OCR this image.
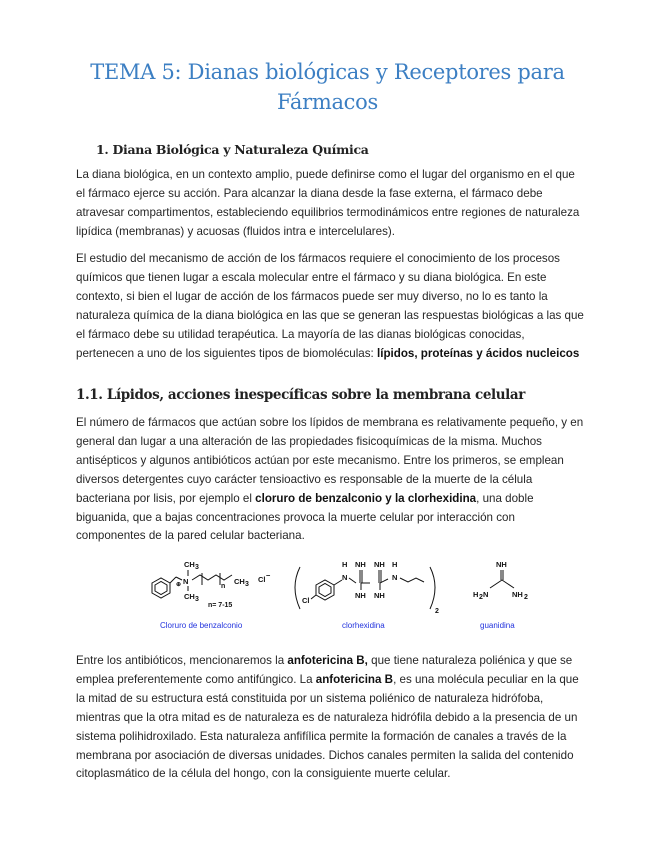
TEMA 5: Dianas biológicas y Receptores para Fármacos
1. Diana Biológica y Naturaleza Química

La diana biológica, en un contexto amplio, puede definirse como el lugar del organismo en el que el fármaco ejerce su acción. Para alcanzar la diana desde la fase externa, el fármaco debe atravesar compartimentos, estableciendo equilibrios termodinámicos entre regiones de naturaleza lipídica (membranas) y acuosas (fluidos intra e intercelulares).

El estudio del mecanismo de acción de los fármacos requiere el conocimiento de los procesos químicos que tienen lugar a escala molecular entre el fármaco y su diana biológica. En este contexto, si bien el lugar de acción de los fármacos puede ser muy diverso, no lo es tanto la naturaleza química de la diana biológica en las que se generan las respuestas biológicas a las que el fármaco debe su utilidad terapéutica. La mayoría de las dianas biológicas conocidas, pertenecen a uno de los siguientes tipos de biomoléculas: lípidos, proteínas y ácidos nucleicos

1.1. Lípidos, acciones inespecíficas sobre la membrana celular

El número de fármacos que actúan sobre los lípidos de membrana es relativamente pequeño, y en general dan lugar a una alteración de las propiedades fisicoquímicas de la misma. Muchos antisépticos y algunos antibióticos actúan por este mecanismo. Entre los primeros, se emplean diversos detergentes cuyo carácter tensioactivo es responsable de la muerte de la célula bacteriana por lisis, por ejemplo el cloruro de benzalconio y la clorhexidina, una doble biguanida, que a bajas concentraciones provoca la muerte celular por interacción con componentes de la pared celular bacteriana.

N
⊕
CH 3
CH 3
n
CH 3
Cl −
n= 7-15
Cloruro de benzalconio
2
Cl
H
N
NH
NH
NH
NH
H
N
clorhexidina
NH
H 2 N	NH 2
guanidina

Entre los antibióticos, mencionaremos la anfotericina B, que tiene naturaleza poliénica y que se emplea preferentemente como antifúngico. La anfotericina B, es una molécula peculiar en la que la mitad de su estructura está constituida por un sistema poliénico de naturaleza hidrófoba, mientras que la otra mitad es de naturaleza es de naturaleza hidrófila debido a la presencia de un sistema polihidroxilado. Esta naturaleza anfifílica permite la formación de canales a través de la membrana por asociación de diversas unidades. Dichos canales permiten la salida del contenido citoplasmático de la célula del hongo, con la consiguiente muerte celular.
